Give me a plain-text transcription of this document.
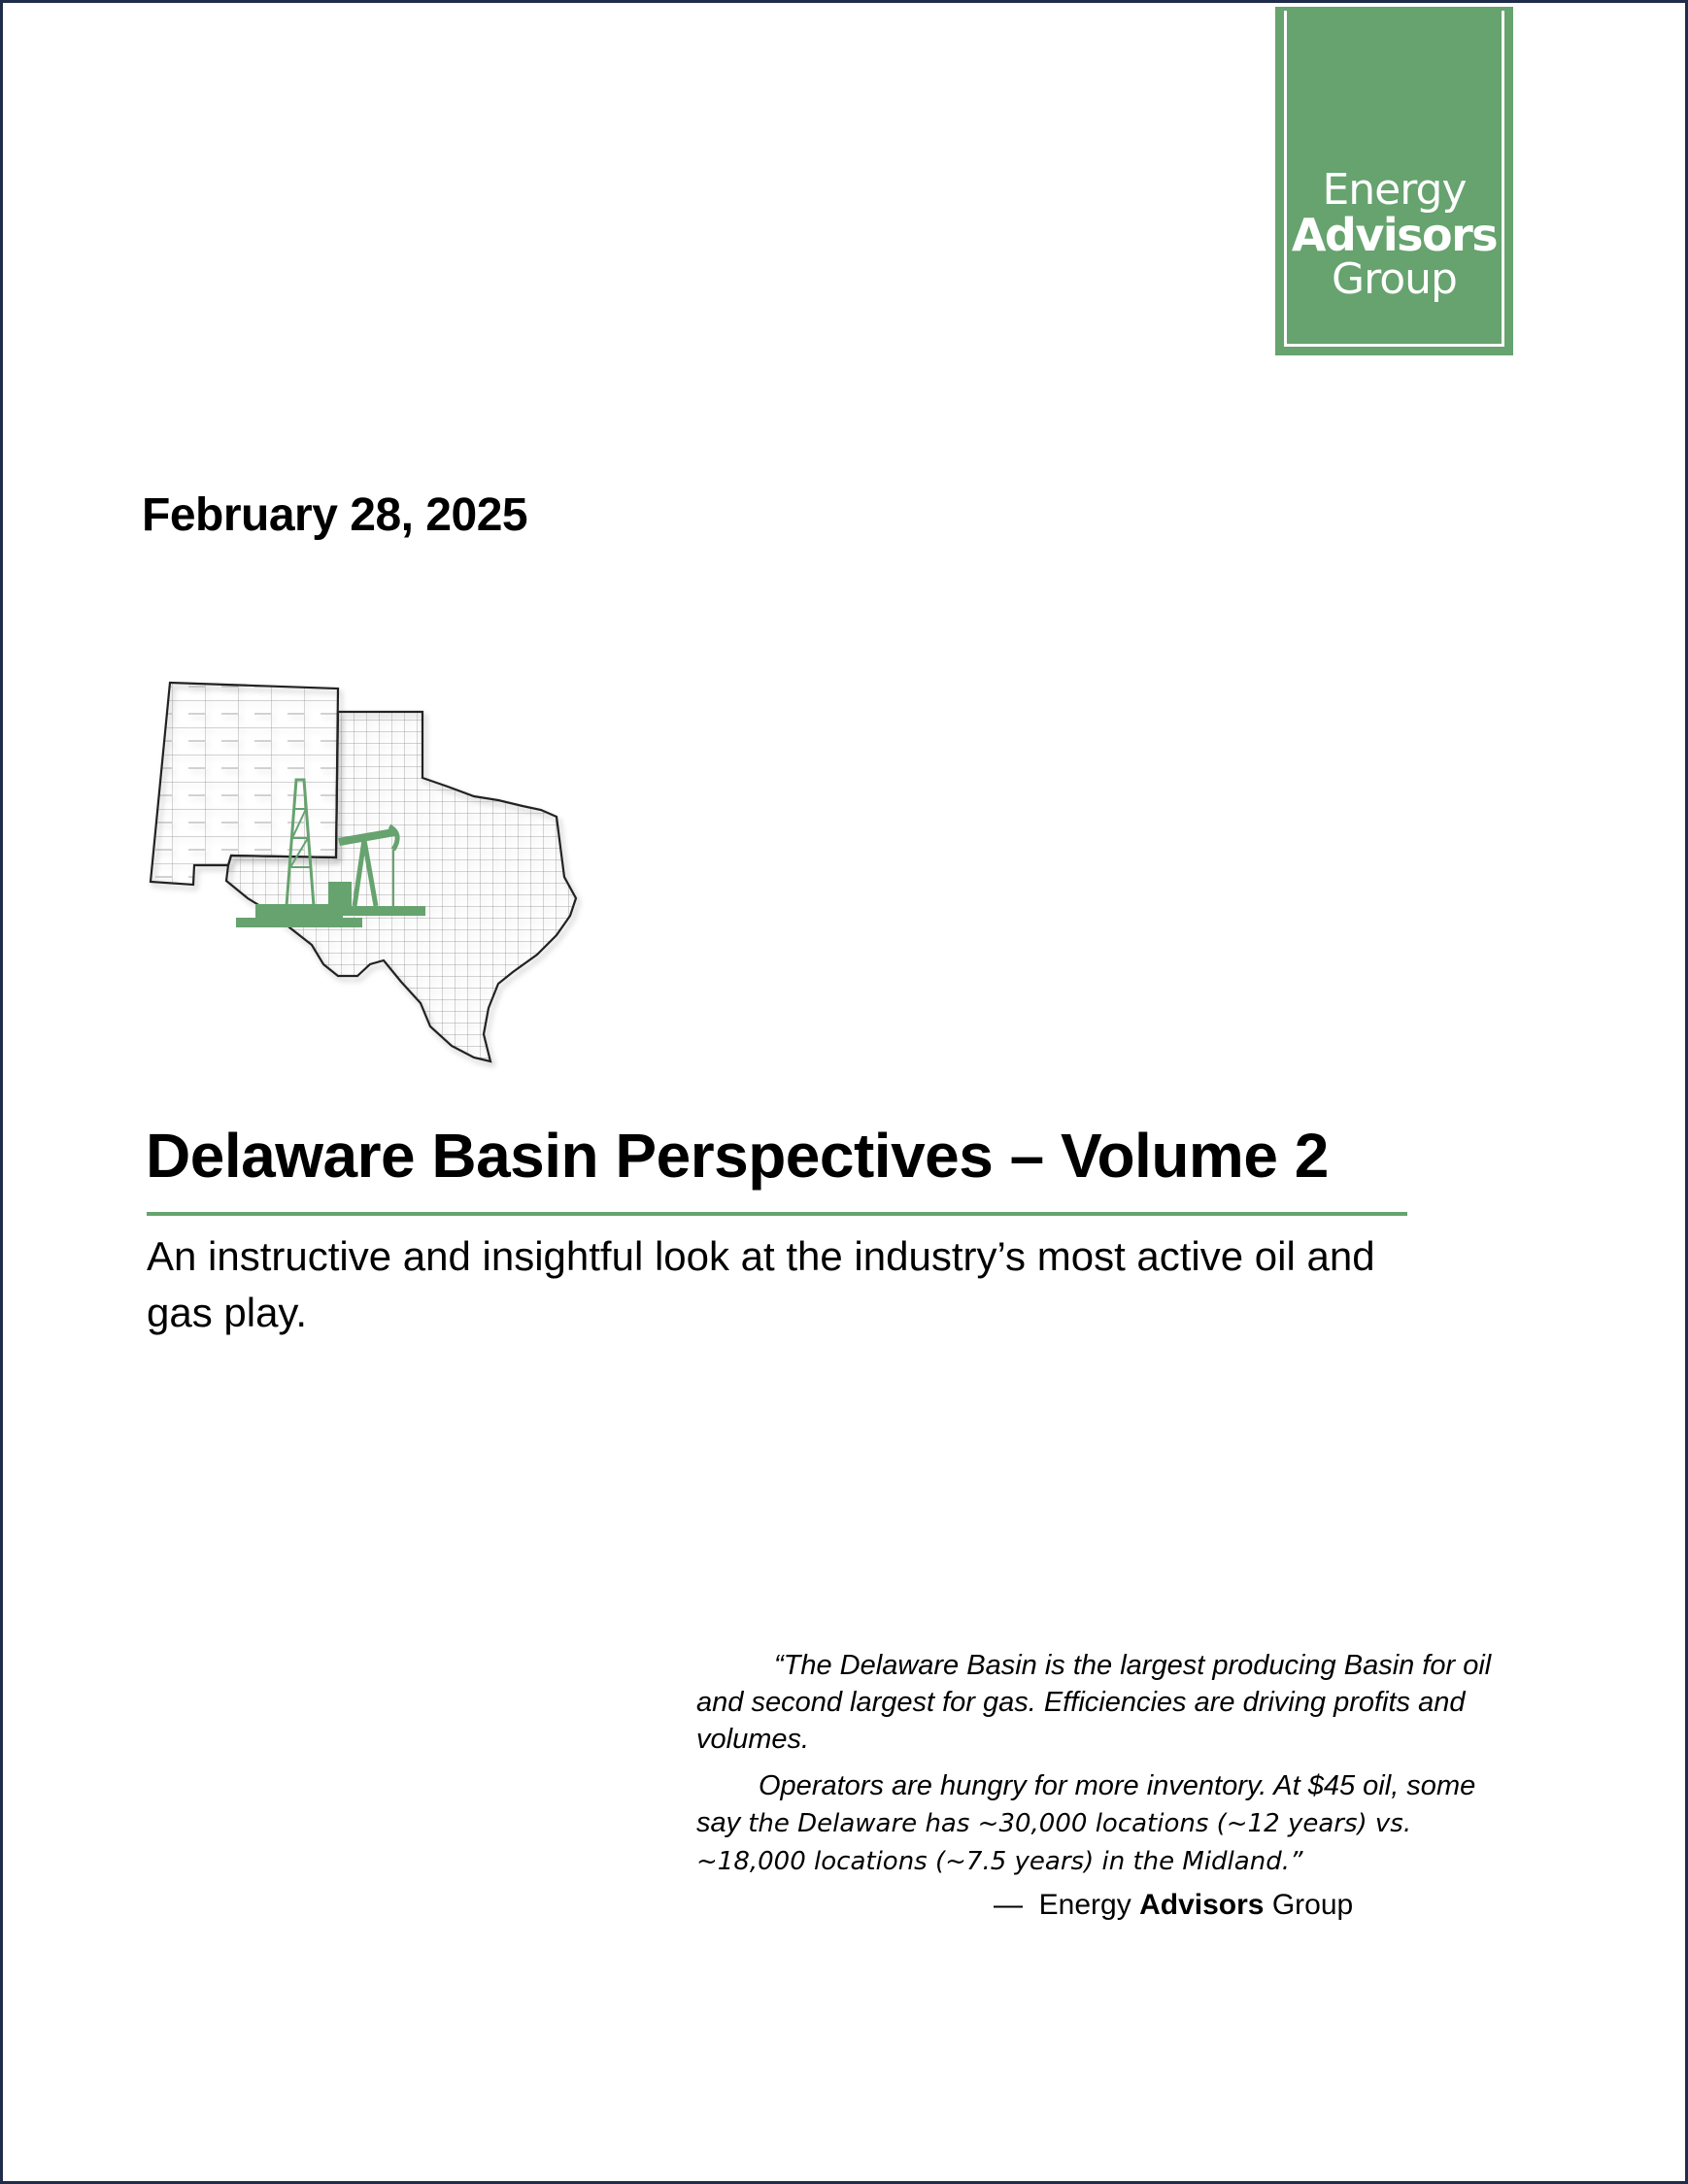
Energy
Advisors
Group
February 28, 2025
Delaware Basin Perspectives – Volume 2
An instructive and insightful look at the industry’s most active oil and gas play.

“The Delaware Basin is the largest producing Basin for oil and second largest for gas. Efficiencies are driving profits and volumes.

Operators are hungry for more inventory. At $45 oil, some say the Delaware has ~30,000 locations (~12 years) vs. ~18,000 locations (~7.5 years) in the Midland.”

— Energy Advisors Group
